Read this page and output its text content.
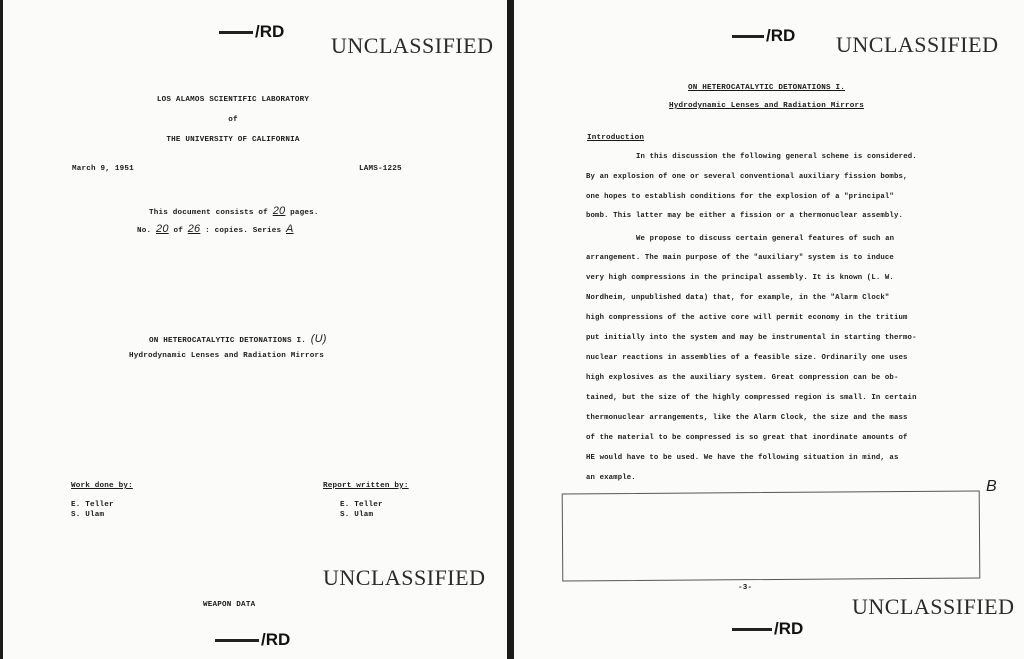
/RD
UNCLASSIFIED
LOS ALAMOS SCIENTIFIC LABORATORY
of
THE UNIVERSITY OF CALIFORNIA
March 9, 1951	LAMS-1225
This document consists of 20 pages.
No. 20 of 26 : copies. Series A
ON HETEROCATALYTIC DETONATIONS I. (U)
Hydrodynamic Lenses and Radiation Mirrors
Work done by:
E. Teller
S. Ulam
Report written by:
E. Teller
S. Ulam
UNCLASSIFIED
WEAPON DATA
/RD
/RD UNCLASSIFIED
ON HETEROCATALYTIC DETONATIONS I.
Hydrodynamic Lenses and Radiation Mirrors
Introduction
In this discussion the following general scheme is considered.
By an explosion of one or several conventional auxiliary fission bombs,
one hopes to establish conditions for the explosion of a "principal"
bomb. This latter may be either a fission or a thermonuclear assembly.
We propose to discuss certain general features of such an
arrangement. The main purpose of the "auxiliary" system is to induce
very high compressions in the principal assembly. It is known (L. W.
Nordheim, unpublished data) that, for example, in the "Alarm Clock"
high compressions of the active core will permit economy in the tritium
put initially into the system and may be instrumental in starting thermo-
nuclear reactions in assemblies of a feasible size. Ordinarily one uses
high explosives as the auxiliary system. Great compression can be ob-
tained, but the size of the highly compressed region is small. In certain
thermonuclear arrangements, like the Alarm Clock, the size and the mass
of the material to be compressed is so great that inordinate amounts of
HE would have to be used. We have the following situation in mind, as
an example.	B
-3-
UNCLASSIFIED
/RD
